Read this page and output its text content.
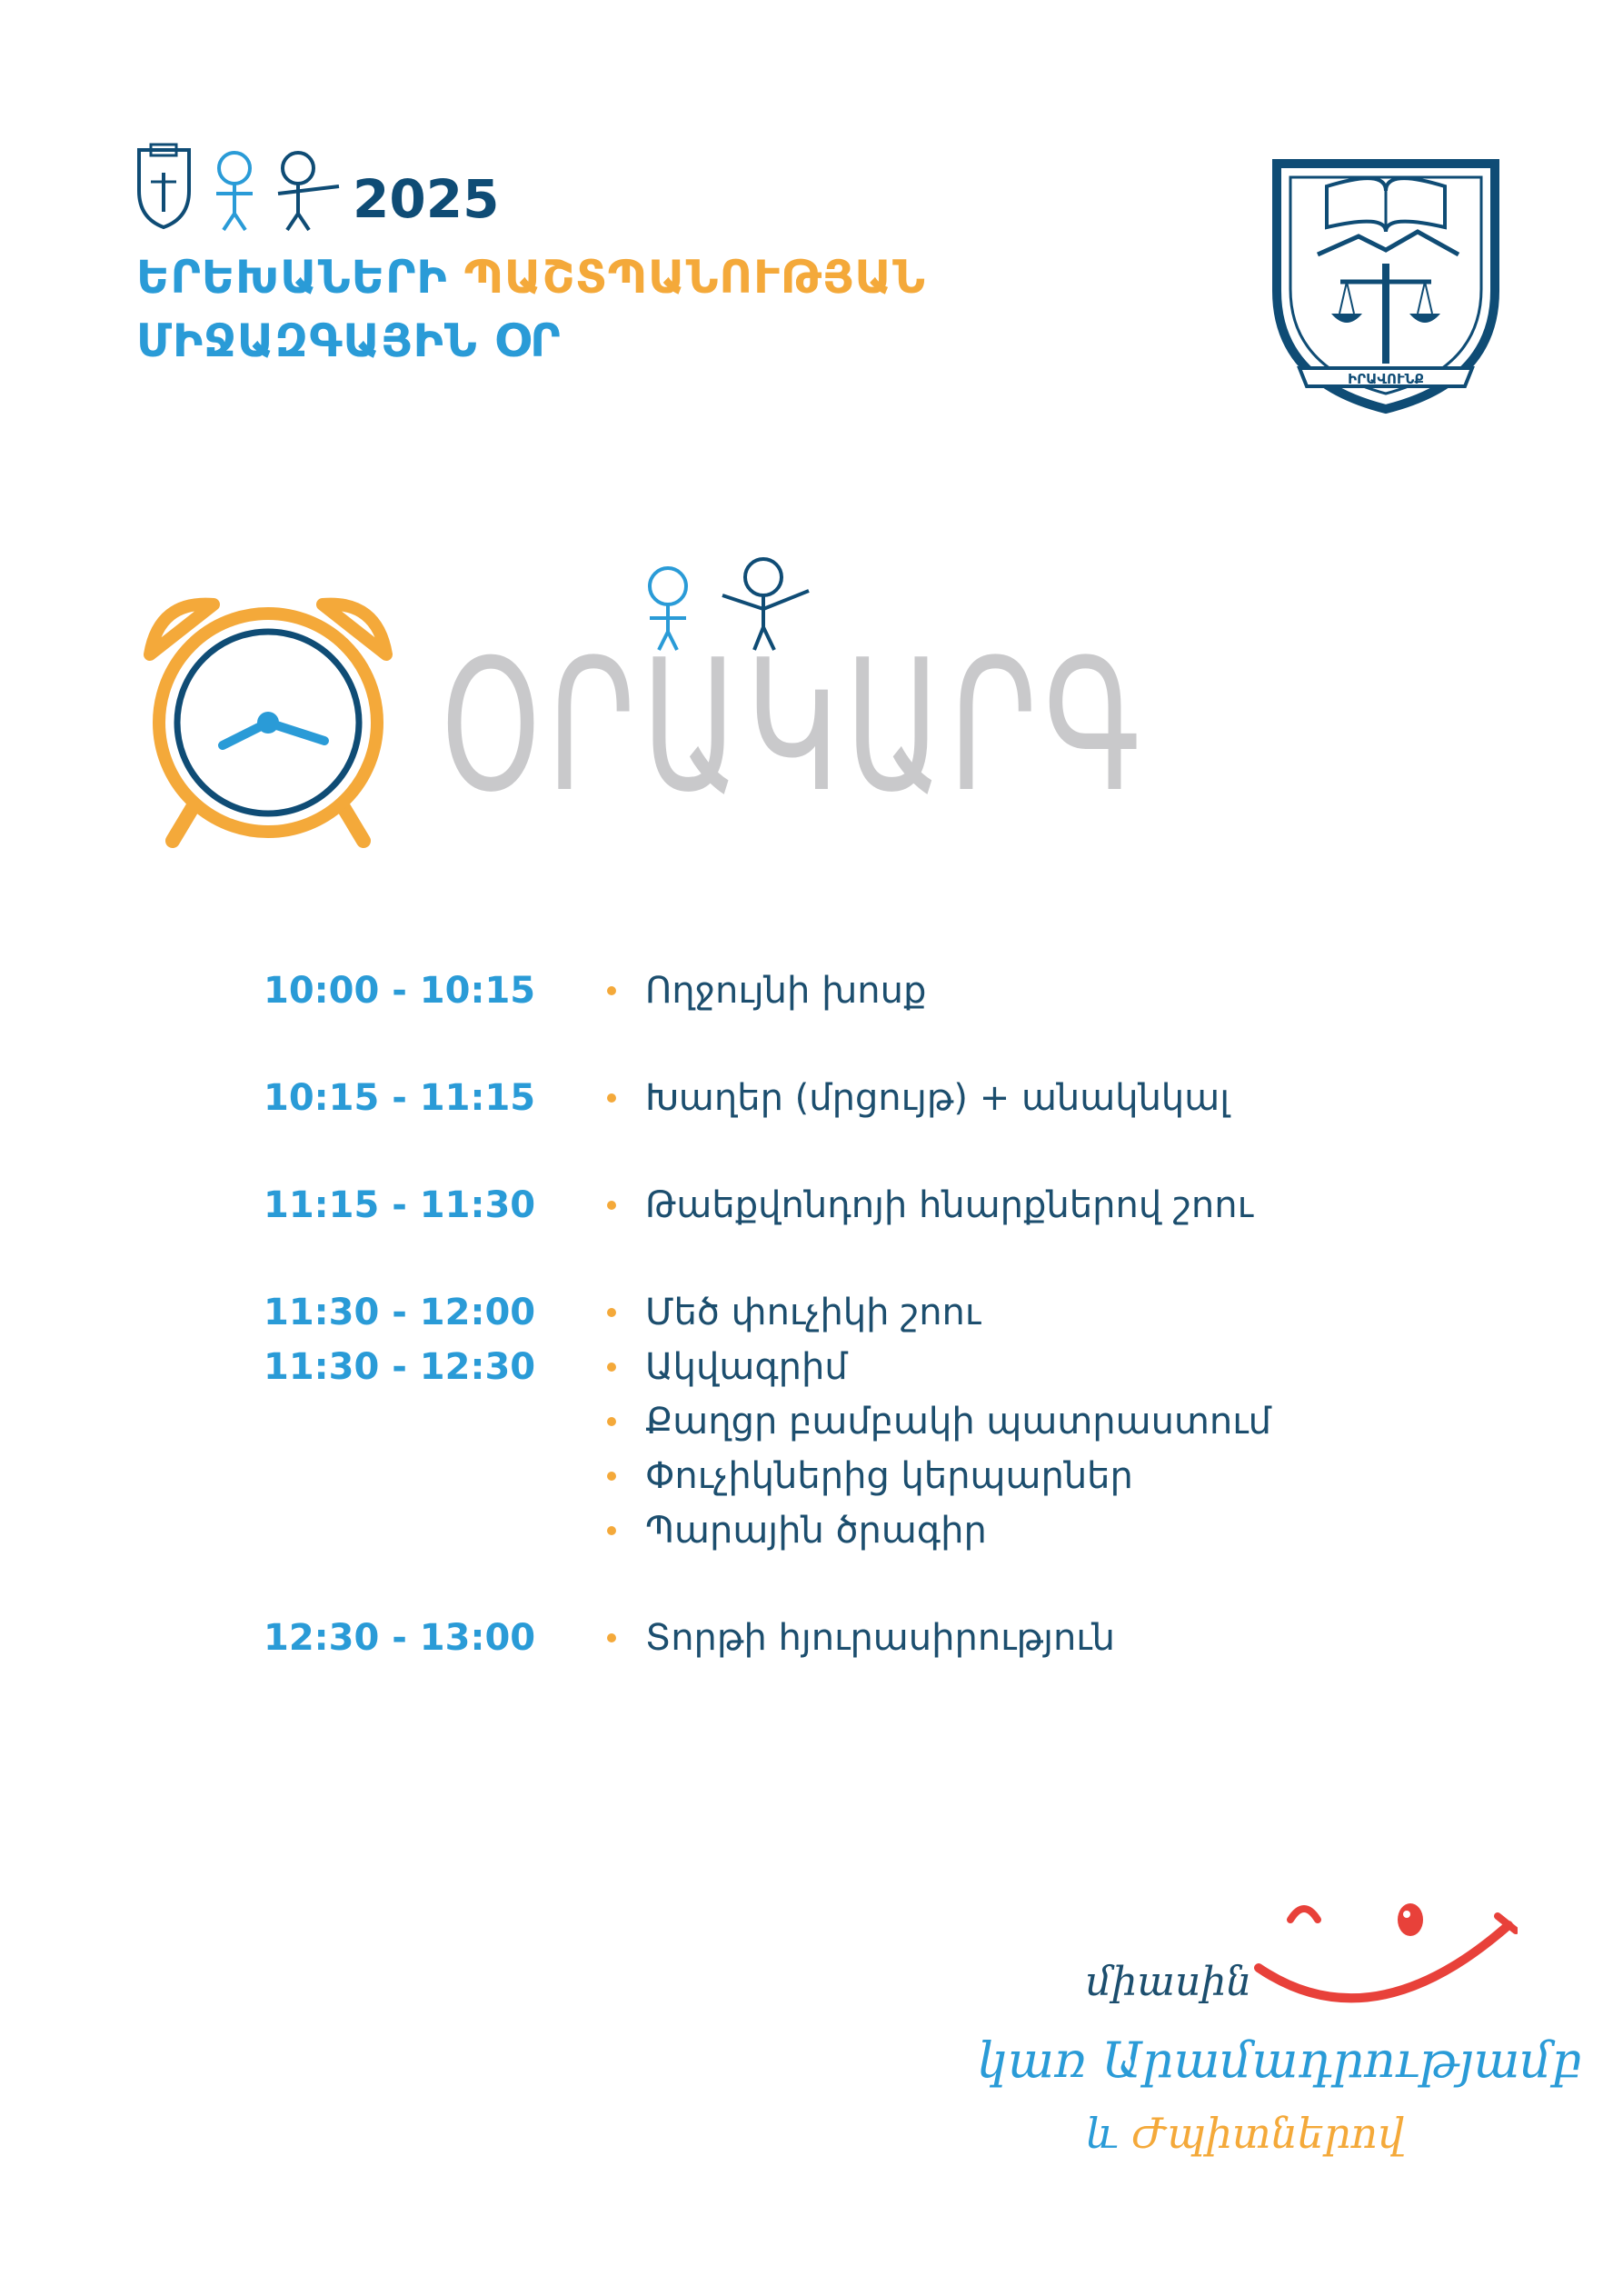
2025
ԵՐԵԽԱՆԵՐԻ ՊԱՇՏՊԱՆՈՒԹՅԱՆ
ՄԻՋԱԶԳԱՅԻՆ ՕՐ
ԻՐԱՎՈՒՆՔ
ՕՐԱԿԱՐԳ
10:00 - 10:15	Ողջույնի խոսք
10:15 - 11:15	Խաղեր (մրցույթ) + անակնկալ
11:15 - 11:30	Թաեքվոնդոյի հնարքներով շոու
11:30 - 12:00	Մեծ փուչիկի շոու
11:30 - 12:30	Ակվագրիմ
Քաղցր բամբակի պատրաստում
Փուչիկներից կերպարներ
Պարային ծրագիր
12:30 - 13:00	Տորթի հյուրասիրություն
միասին
կառ Արամադրությամբ
և Ժպիտներով
